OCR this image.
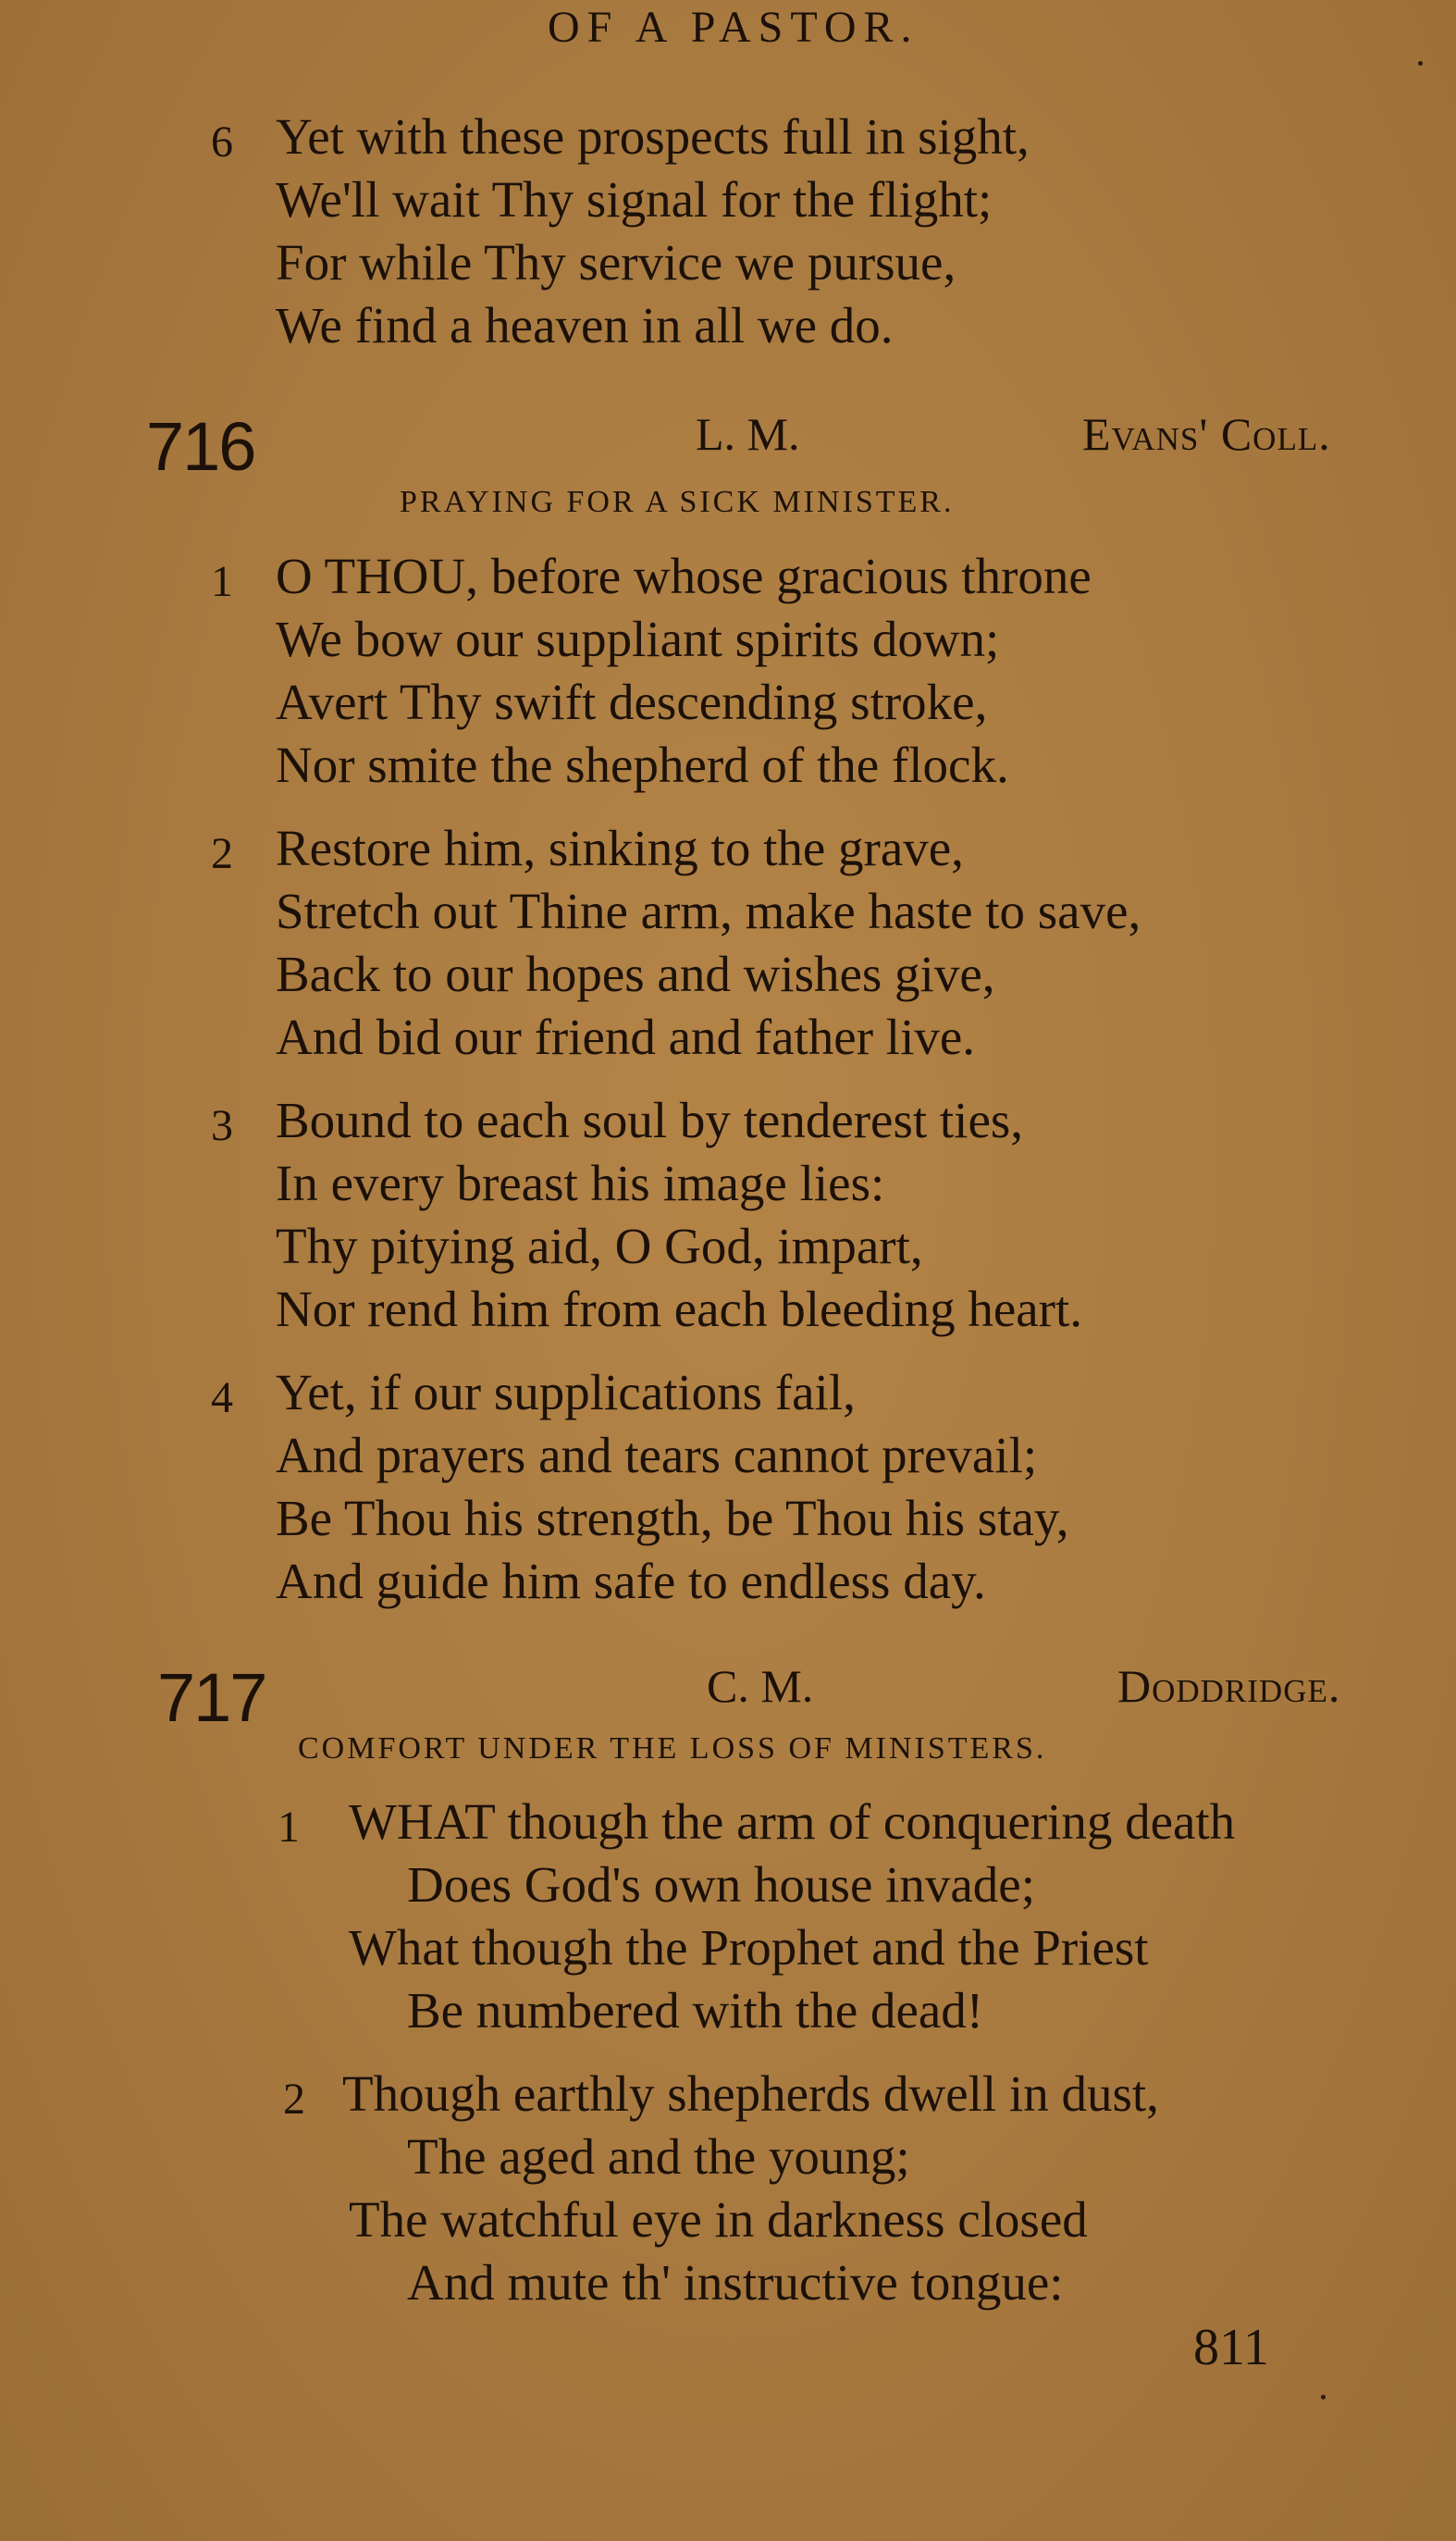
OF A PASTOR.
6 Yet with these prospects full in sight,
We'll wait Thy signal for the flight;
For while Thy service we pursue,
We find a heaven in all we do.
716	L. M.	Evans' Coll.
PRAYING FOR A SICK MINISTER.
1 O THOU, before whose gracious throne
We bow our suppliant spirits down;
Avert Thy swift descending stroke,
Nor smite the shepherd of the flock.
2 Restore him, sinking to the grave,
Stretch out Thine arm, make haste to save,
Back to our hopes and wishes give,
And bid our friend and father live.
3 Bound to each soul by tenderest ties,
In every breast his image lies:
Thy pitying aid, O God, impart,
Nor rend him from each bleeding heart.
4 Yet, if our supplications fail,
And prayers and tears cannot prevail;
Be Thou his strength, be Thou his stay,
And guide him safe to endless day.
717	C. M.	Doddridge.
COMFORT UNDER THE LOSS OF MINISTERS.
1 WHAT though the arm of conquering death
Does God's own house invade;
What though the Prophet and the Priest
Be numbered with the dead!
2 Though earthly shepherds dwell in dust,
The aged and the young;
The watchful eye in darkness closed
And mute th' instructive tongue:
811
